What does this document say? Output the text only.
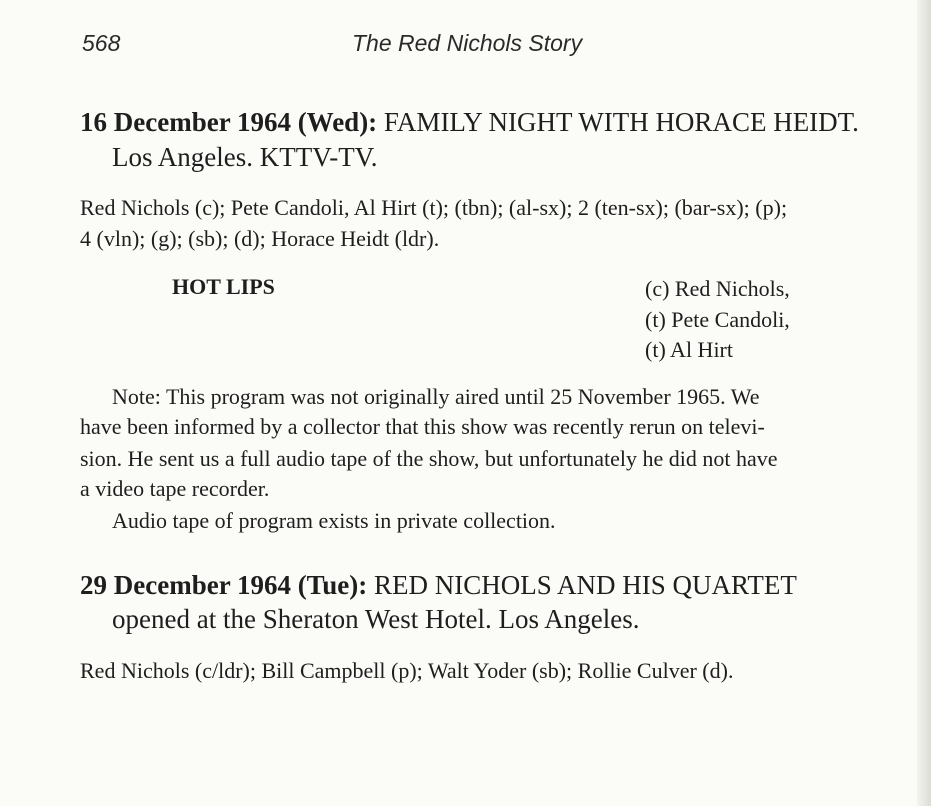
568	The Red Nichols Story
16 December 1964 (Wed): FAMILY NIGHT WITH HORACE HEIDT.
Los Angeles. KTTV-TV.
Red Nichols (c); Pete Candoli, Al Hirt (t); (tbn); (al-sx); 2 (ten-sx); (bar-sx); (p);
4 (vln); (g); (sb); (d); Horace Heidt (ldr).
HOT LIPS	(c) Red Nichols,
(t) Pete Candoli,
(t) Al Hirt
Note: This program was not originally aired until 25 November 1965. We
have been informed by a collector that this show was recently rerun on televi-
sion. He sent us a full audio tape of the show, but unfortunately he did not have
a video tape recorder.
Audio tape of program exists in private collection.
29 December 1964 (Tue): RED NICHOLS AND HIS QUARTET
opened at the Sheraton West Hotel. Los Angeles.
Red Nichols (c/ldr); Bill Campbell (p); Walt Yoder (sb); Rollie Culver (d).
